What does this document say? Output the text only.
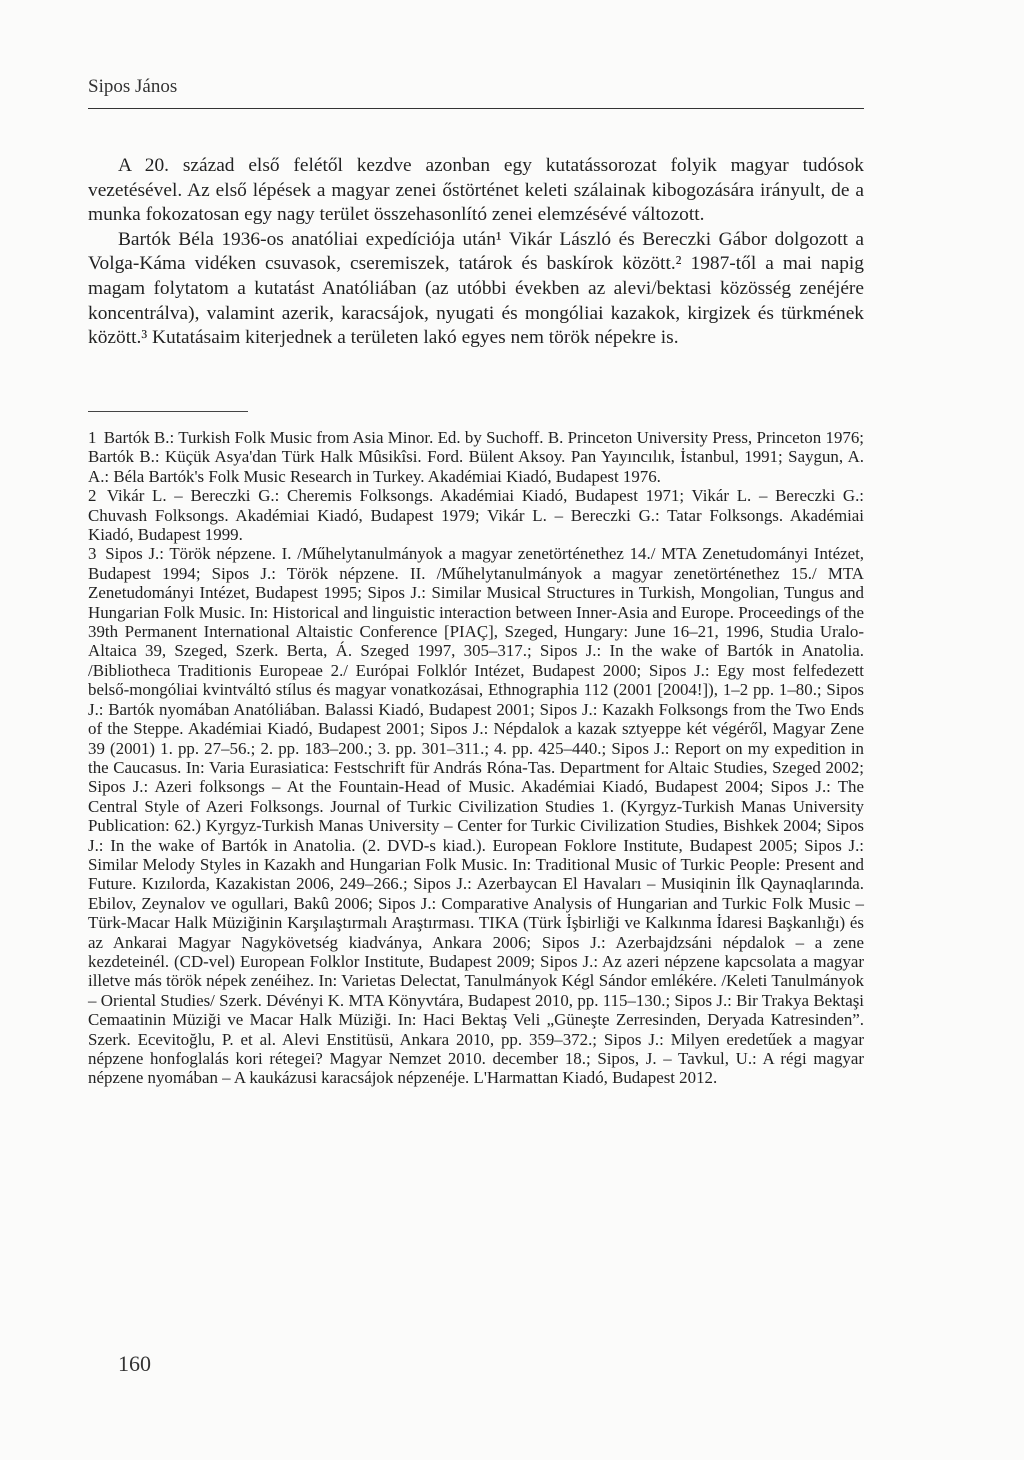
Sipos János

A 20. század első felétől kezdve azonban egy kutatássorozat folyik magyar tudósok vezetésével. Az első lépések a magyar zenei őstörténet keleti szálainak kibogozására irányult, de a munka fokozatosan egy nagy terület összehasonlító zenei elemzésévé változott.

Bartók Béla 1936-os anatóliai expedíciója után¹ Vikár László és Bereczki Gábor dolgozott a Volga-Káma vidéken csuvasok, cseremiszek, tatárok és baskírok között.² 1987-től a mai napig magam folytatom a kutatást Anatóliában (az utóbbi években az alevi/bektasi közösség zenéjére koncentrálva), valamint azerik, karacsájok, nyugati és mongóliai kazakok, kirgizek és türkmének között.³ Kutatásaim kiterjednek a területen lakó egyes nem török népekre is.

1 Bartók B.: Turkish Folk Music from Asia Minor. Ed. by Suchoff. B. Princeton University Press, Princeton 1976; Bartók B.: Küçük Asya'dan Türk Halk Mûsikîsi. Ford. Bülent Aksoy. Pan Yayıncılık, İstanbul, 1991; Saygun, A. A.: Béla Bartók's Folk Music Research in Turkey. Akadémiai Kiadó, Budapest 1976.

2 Vikár L. – Bereczki G.: Cheremis Folksongs. Akadémiai Kiadó, Budapest 1971; Vikár L. – Bereczki G.: Chuvash Folksongs. Akadémiai Kiadó, Budapest 1979; Vikár L. – Bereczki G.: Tatar Folksongs. Akadémiai Kiadó, Budapest 1999.

3 Sipos J.: Török népzene. I. /Műhelytanulmányok a magyar zenetörténethez 14./ MTA Zenetudományi Intézet, Budapest 1994; Sipos J.: Török népzene. II. /Műhelytanulmányok a magyar zenetörténethez 15./ MTA Zenetudományi Intézet, Budapest 1995; Sipos J.: Similar Musical Structures in Turkish, Mongolian, Tungus and Hungarian Folk Music. In: Historical and linguistic interaction between Inner-Asia and Europe. Proceedings of the 39th Permanent International Altaistic Conference [PIAÇ], Szeged, Hungary: June 16–21, 1996, Studia Uralo-Altaica 39, Szeged, Szerk. Berta, Á. Szeged 1997, 305–317.; Sipos J.: In the wake of Bartók in Anatolia. /Bibliotheca Traditionis Europeae 2./ Európai Folklór Intézet, Budapest 2000; Sipos J.: Egy most felfedezett belső-mongóliai kvintváltó stílus és magyar vonatkozásai, Ethnographia 112 (2001 [2004!]), 1–2 pp. 1–80.; Sipos J.: Bartók nyomában Anatóliában. Balassi Kiadó, Budapest 2001; Sipos J.: Kazakh Folksongs from the Two Ends of the Steppe. Akadémiai Kiadó, Budapest 2001; Sipos J.: Népdalok a kazak sztyeppe két végéről, Magyar Zene 39 (2001) 1. pp. 27–56.; 2. pp. 183–200.; 3. pp. 301–311.; 4. pp. 425–440.; Sipos J.: Report on my expedition in the Caucasus. In: Varia Eurasiatica: Festschrift für András Róna-Tas. Department for Altaic Studies, Szeged 2002; Sipos J.: Azeri folksongs – At the Fountain-Head of Music. Akadémiai Kiadó, Budapest 2004; Sipos J.: The Central Style of Azeri Folksongs. Journal of Turkic Civilization Studies 1. (Kyrgyz-Turkish Manas University Publication: 62.) Kyrgyz-Turkish Manas University – Center for Turkic Civilization Studies, Bishkek 2004; Sipos J.: In the wake of Bartók in Anatolia. (2. DVD-s kiad.). European Foklore Institute, Budapest 2005; Sipos J.: Similar Melody Styles in Kazakh and Hungarian Folk Music. In: Traditional Music of Turkic People: Present and Future. Kızılorda, Kazakistan 2006, 249–266.; Sipos J.: Azerbaycan El Havaları – Musiqinin İlk Qaynaqlarında. Ebilov, Zeynalov ve ogullari, Bakû 2006; Sipos J.: Comparative Analysis of Hungarian and Turkic Folk Music – Türk-Macar Halk Müziğinin Karşılaştırmalı Araştırması. TIKA (Türk İşbirliği ve Kalkınma İdaresi Başkanlığı) és az Ankarai Magyar Nagykövetség kiadványa, Ankara 2006; Sipos J.: Azerbajdzsáni népdalok – a zene kezdeteinél. (CD-vel) European Folklor Institute, Budapest 2009; Sipos J.: Az azeri népzene kapcsolata a magyar illetve más török népek zenéihez. In: Varietas Delectat, Tanulmányok Kégl Sándor emlékére. /Keleti Tanulmányok – Oriental Studies/ Szerk. Dévényi K. MTA Könyvtára, Budapest 2010, pp. 115–130.; Sipos J.: Bir Trakya Bektaşi Cemaatinin Müziği ve Macar Halk Müziği. In: Haci Bektaş Veli „Güneşte Zerresinden, Deryada Katresinden”. Szerk. Ecevitoğlu, P. et al. Alevi Enstitüsü, Ankara 2010, pp. 359–372.; Sipos J.: Milyen eredetűek a magyar népzene honfoglalás kori rétegei? Magyar Nemzet 2010. december 18.; Sipos, J. – Tavkul, U.: A régi magyar népzene nyomában – A kaukázusi karacsájok népzenéje. L'Harmattan Kiadó, Budapest 2012.

160
